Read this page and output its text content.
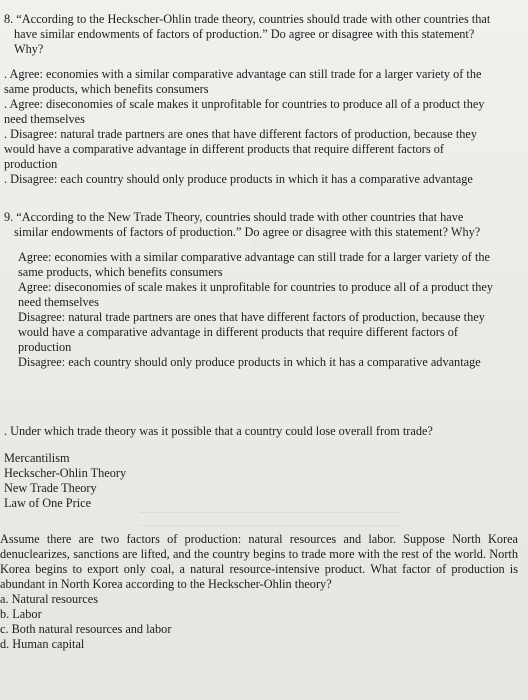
░░░░

8. “According to the Heckscher-Ohlin trade theory, countries should trade with other countries that have similar endowments of factors of production.” Do agree or disagree with this statement? Why?

. Agree: economies with a similar comparative advantage can still trade for a larger variety of the same products, which benefits consumers

. Agree: diseconomies of scale makes it unprofitable for countries to produce all of a product they need themselves

. Disagree: natural trade partners are ones that have different factors of production, because they would have a comparative advantage in different products that require different factors of production

. Disagree: each country should only produce products in which it has a comparative advantage

9. “According to the New Trade Theory, countries should trade with other countries that have similar endowments of factors of production.” Do agree or disagree with this statement? Why?

Agree: economies with a similar comparative advantage can still trade for a larger variety of the same products, which benefits consumers

Agree: diseconomies of scale makes it unprofitable for countries to produce all of a product they need themselves

Disagree: natural trade partners are ones that have different factors of production, because they would have a comparative advantage in different products that require different factors of production

Disagree: each country should only produce products in which it has a comparative advantage

. Under which trade theory was it possible that a country could lose overall from trade?

Mercantilism

Heckscher-Ohlin Theory

New Trade Theory

Law of One Price

Assume there are two factors of production: natural resources and labor. Suppose North Korea denuclearizes, sanctions are lifted, and the country begins to trade more with the rest of the world. North Korea begins to export only coal, a natural resource-intensive product. What factor of production is abundant in North Korea according to the Heckscher-Ohlin theory?

a. Natural resources

b. Labor

c. Both natural resources and labor

d. Human capital
